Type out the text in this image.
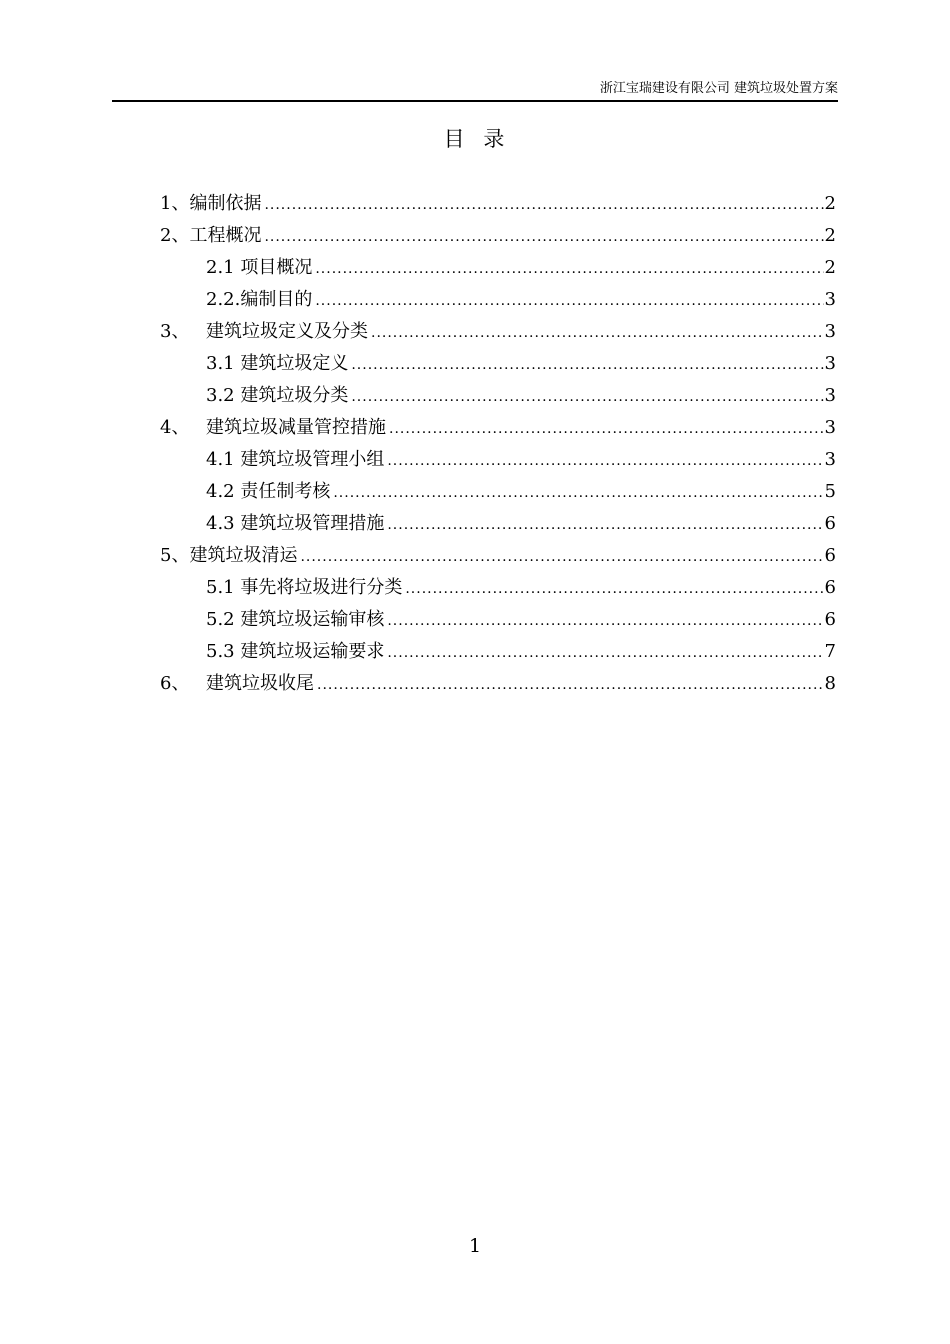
浙江宝瑞建设有限公司 建筑垃圾处置方案
目 录
1、 编制依据 .....	2
2、 工程概况 .....	2
2.1 项目概况 .....	2
2.2.编制目的 .....	3
3、 建筑垃圾定义及分类 .....	3
3.1 建筑垃圾定义 .....	3
3.2 建筑垃圾分类 .....	3
4、 建筑垃圾减量管控措施 .....	3
4.1 建筑垃圾管理小组 .....	3
4.2 责任制考核 .....	5
4.3 建筑垃圾管理措施 .....	6
5、 建筑垃圾清运 .....	6
5.1 事先将垃圾进行分类 .....	6
5.2 建筑垃圾运输审核 .....	6
5.3 建筑垃圾运输要求 .....	7
6、 建筑垃圾收尾 .....	8
1
